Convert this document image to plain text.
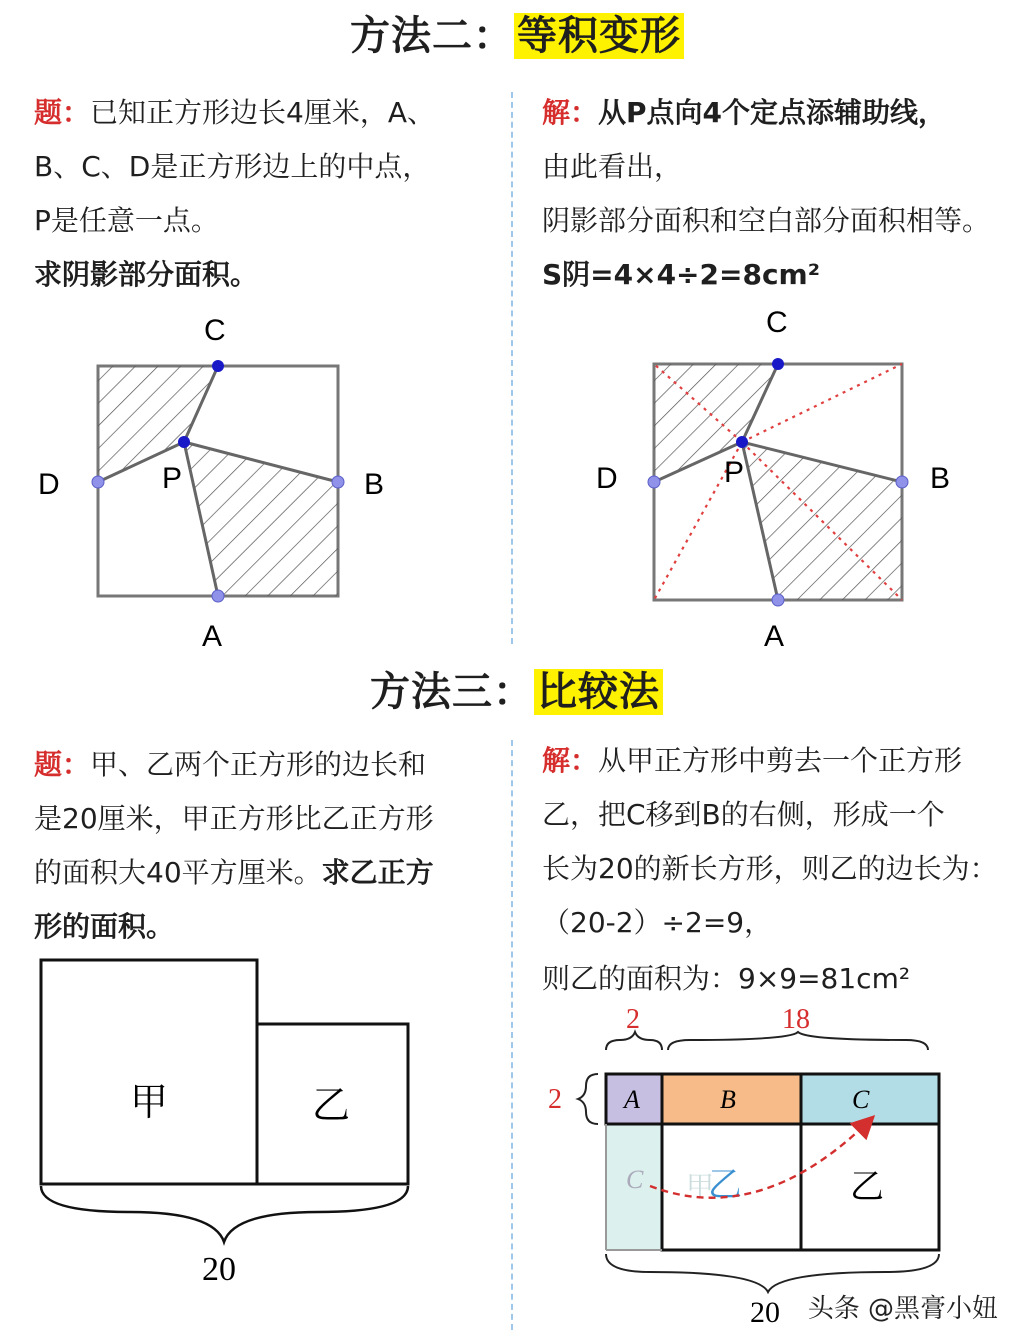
方法二：等积变形
题：已知正方形边长4厘米，A、
B、C、D是正方形边上的中点，
P是任意一点。
求阴影部分面积。
解：从P点向4个定点添辅助线，
由此看出，
阴影部分面积和空白部分面积相等。
S阴=4×4÷2=8cm²
C
D	B
P
A
C
D	B
P
A
方法三：比较法
题：甲、乙两个正方形的边长和
是20厘米，甲正方形比乙正方形
的面积大40平方厘米。求乙正方
形的面积。
解：从甲正方形中剪去一个正方形
乙，把C移到B的右侧，形成一个
长为20的新长方形，则乙的边长为：
（20-2）÷2=9，
则乙的面积为：9×9=81cm²
甲	乙
20
2	18
2 A	B	C
C 甲
乙	乙
20	头条 @黑膏小妞
